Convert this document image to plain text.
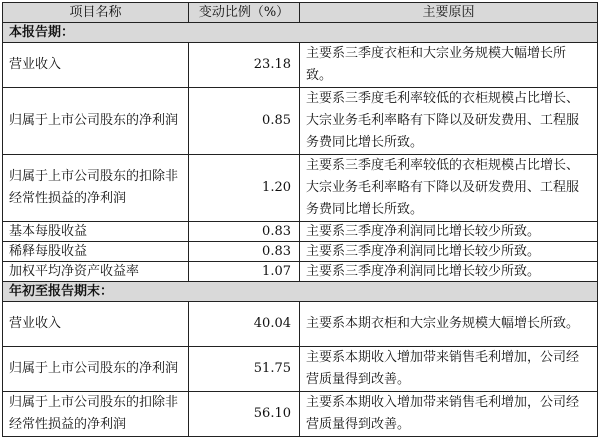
项目名称	变动比例（%）	主要原因
本报告期：		
营业收入	23.18	主要系三季度衣柜和大宗业务规模大幅增长所致。
归属于上市公司股东的净利润	0.85	主要系三季度毛利率较低的衣柜规模占比增长、大宗业务毛利率略有下降以及研发费用、工程服务费同比增长所致。
归属于上市公司股东的扣除非经常性损益的净利润	1.20	主要系三季度毛利率较低的衣柜规模占比增长、大宗业务毛利率略有下降以及研发费用、工程服务费同比增长所致。
基本每股收益	0.83	主要系三季度净利润同比增长较少所致。
稀释每股收益	0.83	主要系三季度净利润同比增长较少所致。
加权平均净资产收益率	1.07	主要系三季度净利润同比增长较少所致。
年初至报告期末：		
营业收入	40.04	主要系本期衣柜和大宗业务规模大幅增长所致。
归属于上市公司股东的净利润	51.75	主要系本期收入增加带来销售毛利增加，公司经营质量得到改善。
归属于上市公司股东的扣除非经常性损益的净利润	56.10	主要系本期收入增加带来销售毛利增加，公司经营质量得到改善。
